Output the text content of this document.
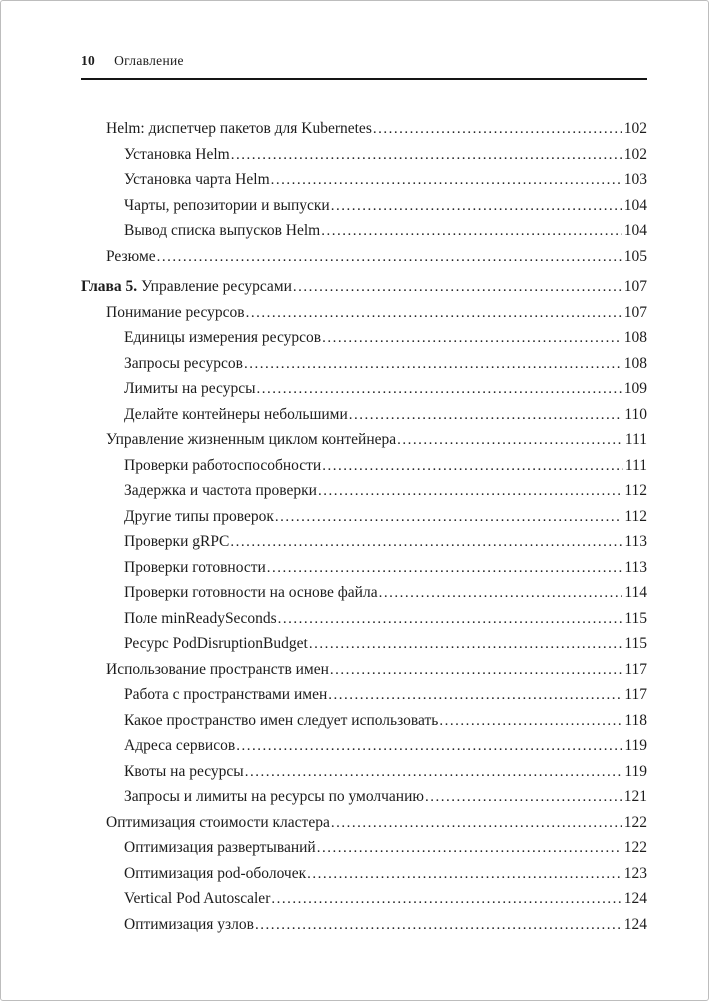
10 Оглавление
Helm: диспетчер пакетов для Kubernetes .....	102
Установка Helm .....	102
Установка чарта Helm .....	103
Чарты, репозитории и выпуски .....	104
Вывод списка выпусков Helm .....	104
Резюме .....	105
Глава 5. Управление ресурсами .....	107
Понимание ресурсов .....	107
Единицы измерения ресурсов .....	108
Запросы ресурсов .....	108
Лимиты на ресурсы .....	109
Делайте контейнеры небольшими .....	110
Управление жизненным циклом контейнера .....	111
Проверки работоспособности .....	111
Задержка и частота проверки .....	112
Другие типы проверок .....	112
Проверки gRPC .....	113
Проверки готовности .....	113
Проверки готовности на основе файла .....	114
Поле minReadySeconds .....	115
Ресурс PodDisruptionBudget .....	115
Использование пространств имен .....	117
Работа с пространствами имен .....	117
Какое пространство имен следует использовать .....	118
Адреса сервисов .....	119
Квоты на ресурсы .....	119
Запросы и лимиты на ресурсы по умолчанию .....	121
Оптимизация стоимости кластера .....	122
Оптимизация развертываний .....	122
Оптимизация pod-оболочек .....	123
Vertical Pod Autoscaler .....	124
Оптимизация узлов .....	124
